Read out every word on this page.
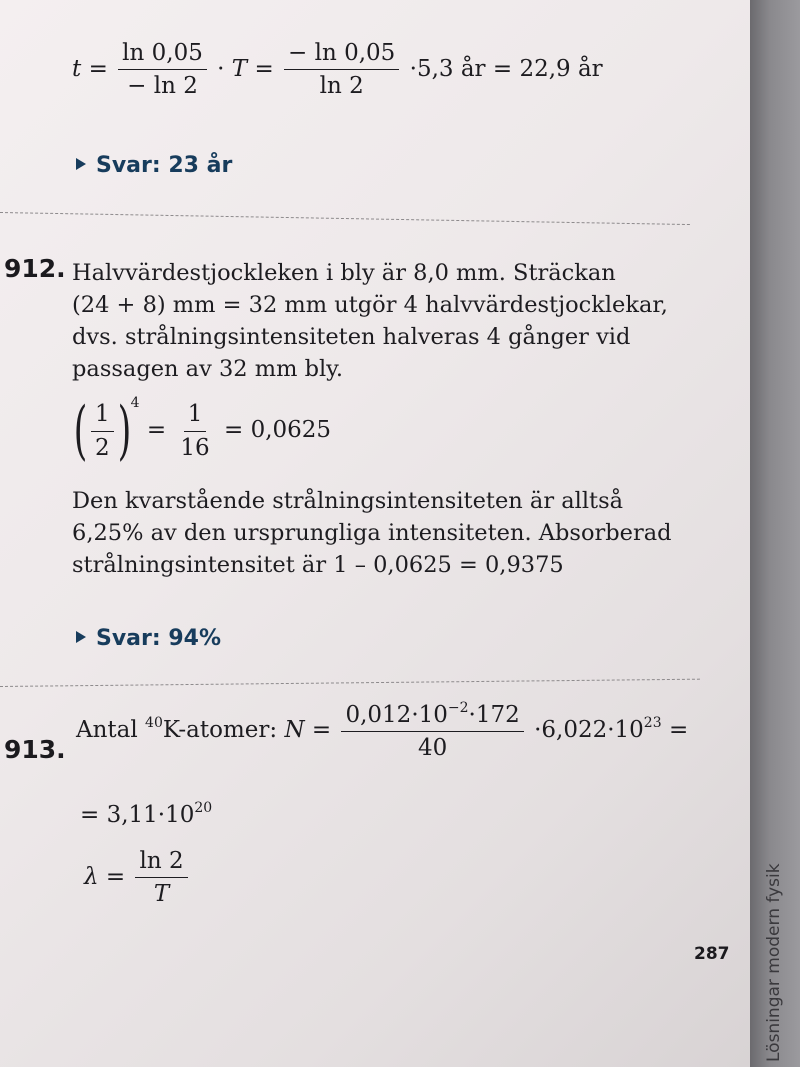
$t = \frac{\ln 0,05}{- \ln 2} \cdot T = \frac{- \ln 0,05}{\ln 2} \cdot 5,3$ år = 22,9 år
Svar: 23 år
912. Halvvärdestjockleken i bly är 8,0 mm. Sträckan
(24 + 8) mm = 32 mm utgör 4 halvvärdestjocklekar,
dvs. strålningsintensiteten halveras 4 gånger vid
passagen av 32 mm bly.
( $\frac{1}{2} )^4 = \frac{1}{16} = 0,0625$
Den kvarstående strålningsintensiteten är alltså
6,25% av den ursprungliga intensiteten. Absorberad
strålningsintensitet är 1 – 0,0625 = 0,9375
Svar: 94%
913.
Antal $^{40}$K-atomer: $N = \frac{0,012\cdot 10^{-2}\cdot 172}{40} \cdot 6,022\cdot 10^{23}$ =
= $3,11\cdot 10^{20}$
$\lambda = \frac{\ln 2}{T}$
287 Lösningar modern fysik
